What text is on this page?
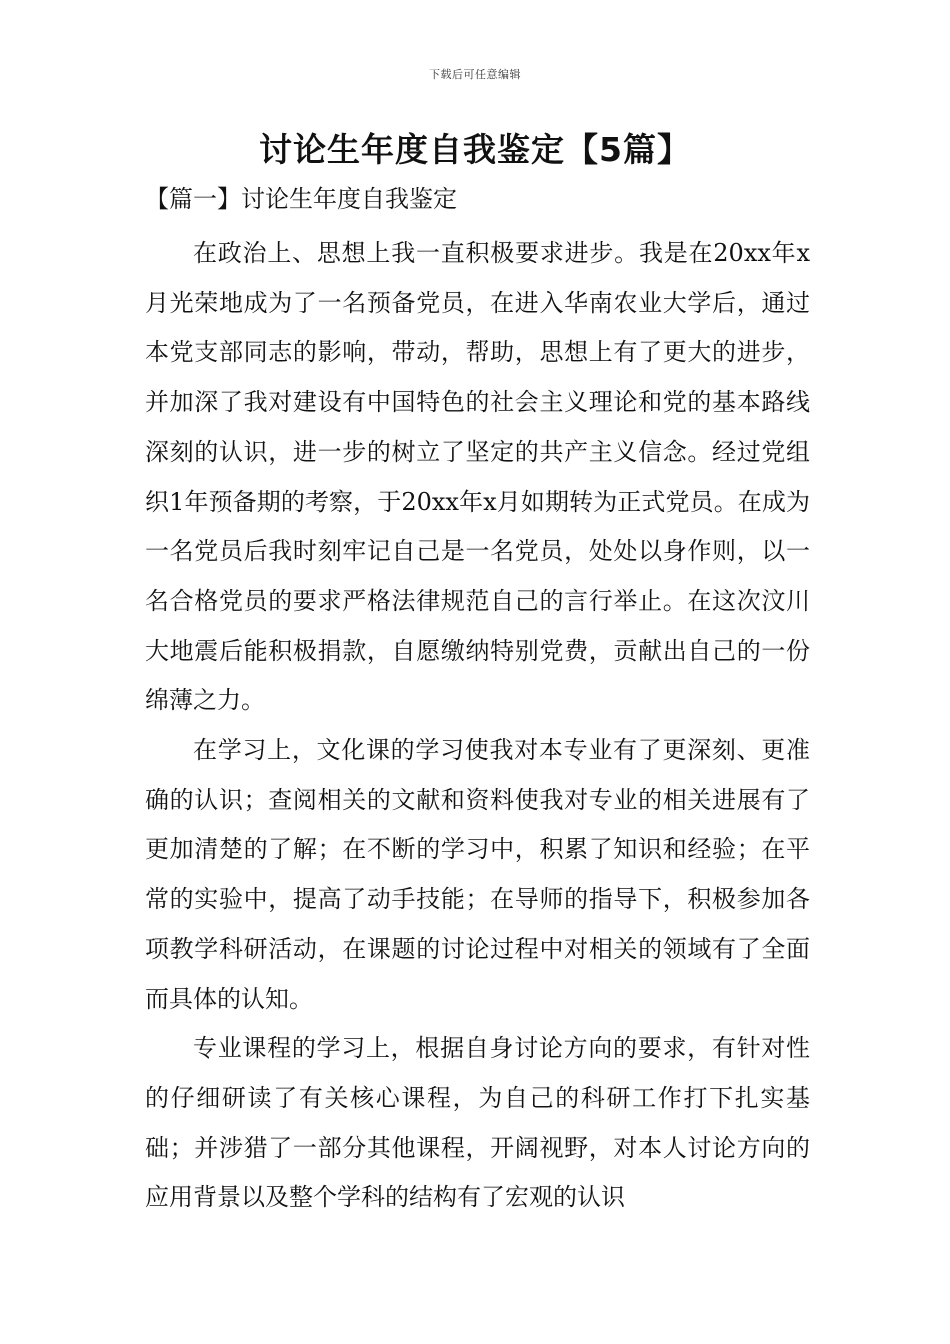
下载后可任意编辑
讨论生年度自我鉴定【5篇】
【篇一】讨论生年度自我鉴定

在政治上、思想上我一直积极要求进步。我是在20xx年x月光荣地成为了一名预备党员，在进入华南农业大学后，通过本党支部同志的影响，带动，帮助，思想上有了更大的进步，并加深了我对建设有中国特色的社会主义理论和党的基本路线深刻的认识，进一步的树立了坚定的共产主义信念。经过党组织1年预备期的考察，于20xx年x月如期转为正式党员。在成为一名党员后我时刻牢记自己是一名党员，处处以身作则，以一名合格党员的要求严格法律规范自己的言行举止。在这次汶川大地震后能积极捐款，自愿缴纳特别党费，贡献出自己的一份绵薄之力。

在学习上，文化课的学习使我对本专业有了更深刻、更准确的认识；查阅相关的文献和资料使我对专业的相关进展有了更加清楚的了解；在不断的学习中，积累了知识和经验；在平常的实验中，提高了动手技能；在导师的指导下，积极参加各项教学科研活动，在课题的讨论过程中对相关的领域有了全面而具体的认知。

专业课程的学习上，根据自身讨论方向的要求，有针对性的仔细研读了有关核心课程，为自己的科研工作打下扎实基础；并涉猎了一部分其他课程，开阔视野，对本人讨论方向的应用背景以及整个学科的结构有了宏观的认识
